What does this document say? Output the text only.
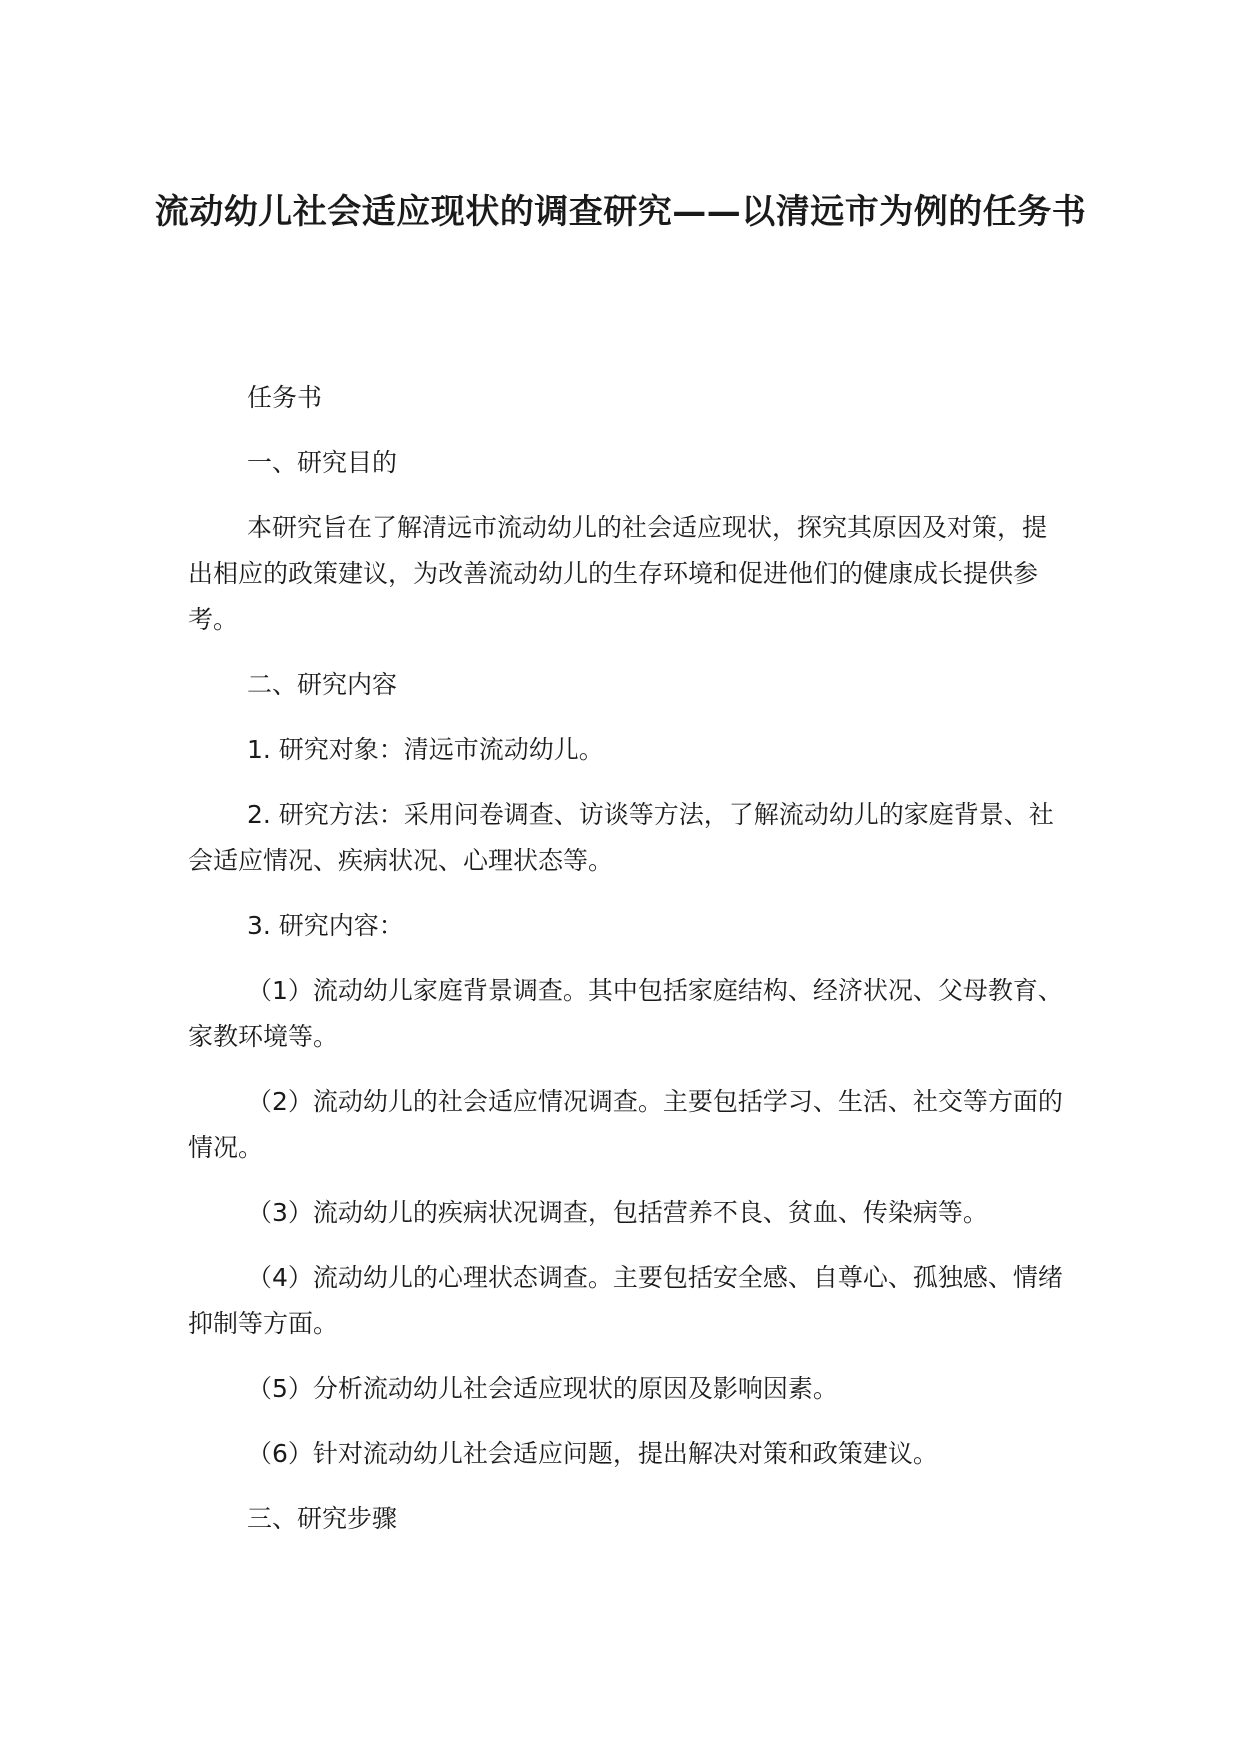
流动幼儿社会适应现状的调查研究——以清远市为例的任务书

任务书

一、研究目的

本研究旨在了解清远市流动幼儿的社会适应现状，探究其原因及对策，提出相应的政策建议，为改善流动幼儿的生存环境和促进他们的健康成长提供参考。

二、研究内容

1. 研究对象：清远市流动幼儿。

2. 研究方法：采用问卷调查、访谈等方法，了解流动幼儿的家庭背景、社会适应情况、疾病状况、心理状态等。

3. 研究内容：

（1）流动幼儿家庭背景调查。其中包括家庭结构、经济状况、父母教育、家教环境等。

（2）流动幼儿的社会适应情况调查。主要包括学习、生活、社交等方面的情况。

（3）流动幼儿的疾病状况调查，包括营养不良、贫血、传染病等。

（4）流动幼儿的心理状态调查。主要包括安全感、自尊心、孤独感、情绪抑制等方面。

（5）分析流动幼儿社会适应现状的原因及影响因素。

（6）针对流动幼儿社会适应问题，提出解决对策和政策建议。

三、研究步骤
